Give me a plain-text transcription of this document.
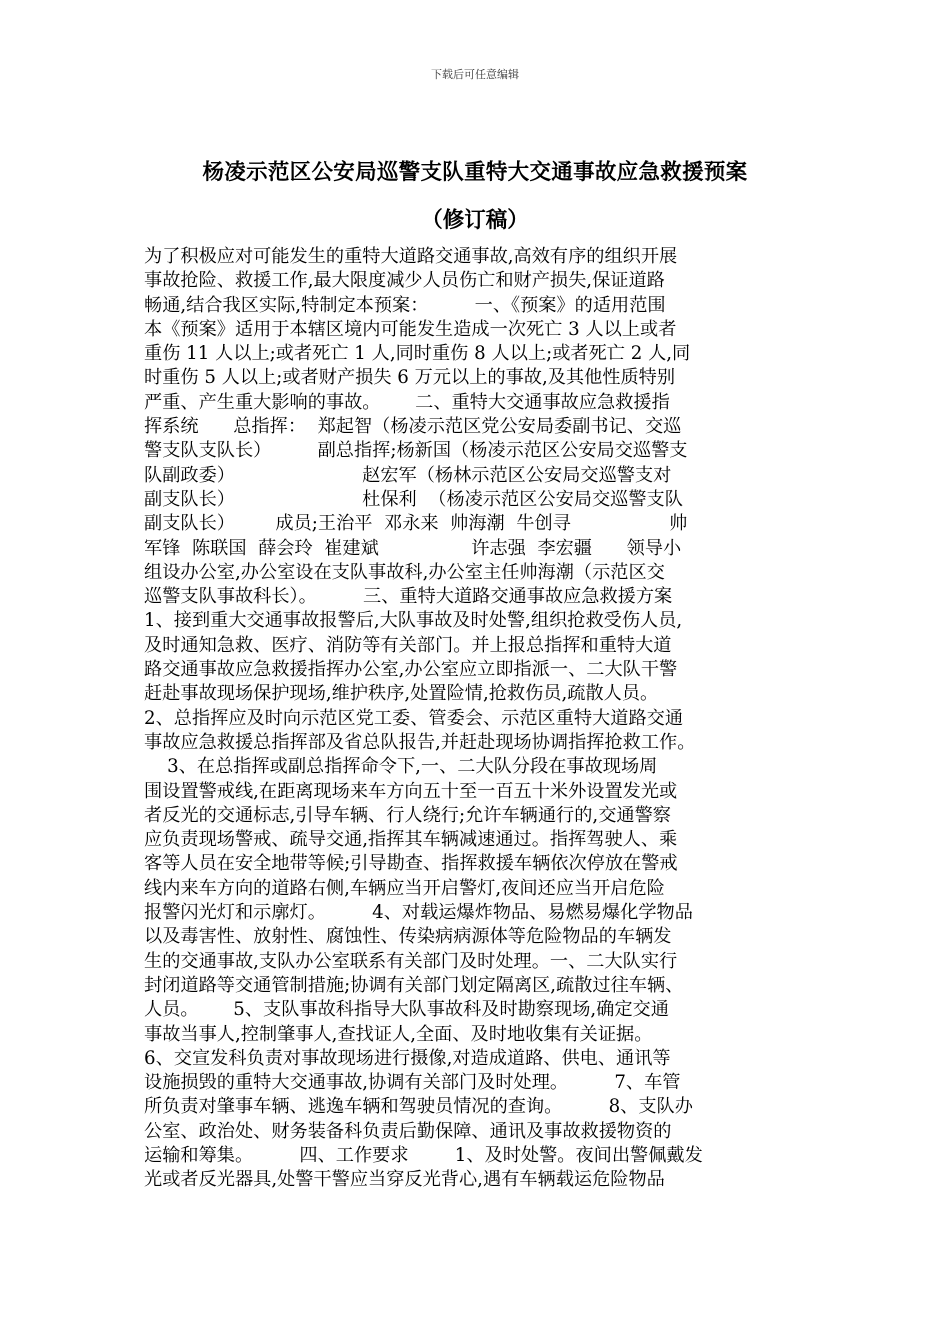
下载后可任意编辑
杨凌示范区公安局巡警支队重特大交通事故应急救援预案
（修订稿）
为了积极应对可能发生的重特大道路交通事故,高效有序的组织开展
事故抢险、救援工作,最大限度减少人员伤亡和财产损失,保证道路
畅通,结合我区实际,特制定本预案：        一、《预案》的适用范围
本《预案》适用于本辖区境内可能发生造成一次死亡 3 人以上或者
重伤 11 人以上;或者死亡 1 人,同时重伤 8 人以上;或者死亡 2 人,同
时重伤 5 人以上;或者财产损失 6 万元以上的事故,及其他性质特别
严重、产生重大影响的事故。      二、重特大交通事故应急救援指
挥系统      总指挥：  郑起智（杨凌示范区党公安局委副书记、交巡
警支队支队长）        副总指挥;杨新国（杨凌示范区公安局交巡警支
队副政委）                      赵宏军（杨林示范区公安局交巡警支对
副支队长）                      杜保利  （杨凌示范区公安局交巡警支队
副支队长）       成员;王治平  邓永来  帅海潮  牛创寻                 帅
军锋  陈联国  薛会玲  崔建斌                许志强  李宏疆      领导小
组设办公室,办公室设在支队事故科,办公室主任帅海潮（示范区交
巡警支队事故科长）。        三、重特大道路交通事故应急救援方案
1、接到重大交通事故报警后,大队事故及时处警,组织抢救受伤人员,
及时通知急救、医疗、消防等有关部门。并上报总指挥和重特大道
路交通事故应急救援指挥办公室,办公室应立即指派一、二大队干警
赶赴事故现场保护现场,维护秩序,处置险情,抢救伤员,疏散人员。
2、总指挥应及时向示范区党工委、管委会、示范区重特大道路交通
事故应急救援总指挥部及省总队报告,并赶赴现场协调指挥抢救工作。
3、在总指挥或副总指挥命令下,一、二大队分段在事故现场周
围设置警戒线,在距离现场来车方向五十至一百五十米外设置发光或
者反光的交通标志,引导车辆、行人绕行;允许车辆通行的,交通警察
应负责现场警戒、疏导交通,指挥其车辆减速通过。指挥驾驶人、乘
客等人员在安全地带等候;引导勘查、指挥救援车辆依次停放在警戒
线内来车方向的道路右侧,车辆应当开启警灯,夜间还应当开启危险
报警闪光灯和示廓灯。        4、对载运爆炸物品、易燃易爆化学物品
以及毒害性、放射性、腐蚀性、传染病病源体等危险物品的车辆发
生的交通事故,支队办公室联系有关部门及时处理。一、二大队实行
封闭道路等交通管制措施;协调有关部门划定隔离区,疏散过往车辆、
人员。      5、支队事故科指导大队事故科及时勘察现场,确定交通
事故当事人,控制肇事人,查找证人,全面、及时地收集有关证据。
6、交宣发科负责对事故现场进行摄像,对造成道路、供电、通讯等
设施损毁的重特大交通事故,协调有关部门及时处理。        7、车管
所负责对肇事车辆、逃逸车辆和驾驶员情况的查询。        8、支队办
公室、政治处、财务装备科负责后勤保障、通讯及事故救援物资的
运输和筹集。        四、工作要求        1、及时处警。夜间出警佩戴发
光或者反光器具,处警干警应当穿反光背心,遇有车辆载运危险物品
